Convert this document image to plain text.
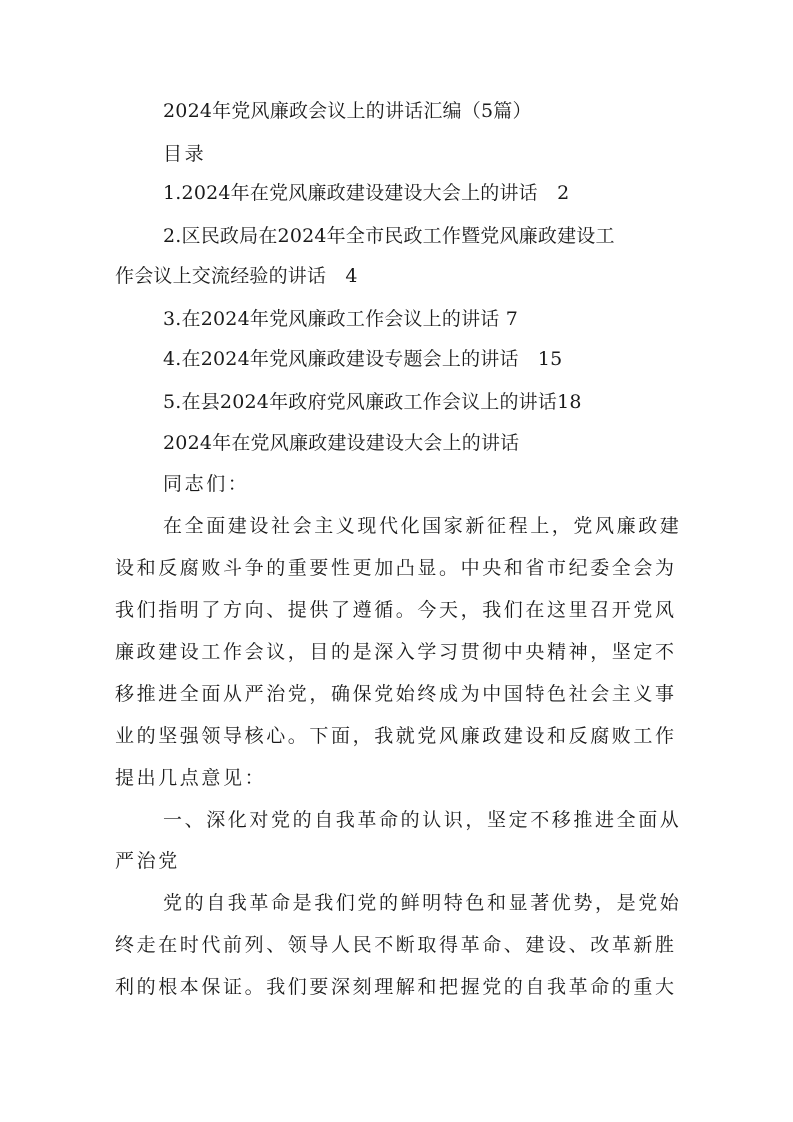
2024年党风廉政会议上的讲话汇编（5篇）
目录
1.2024年在党风廉政建设建设大会上的讲话　2
2.区民政局在2024年全市民政工作暨党风廉政建设工
作会议上交流经验的讲话　4
3.在2024年党风廉政工作会议上的讲话 7
4.在2024年党风廉政建设专题会上的讲话　15
5.在县2024年政府党风廉政工作会议上的讲话18
2024年在党风廉政建设建设大会上的讲话
同志们：
在全面建设社会主义现代化国家新征程上，党风廉政建
设和反腐败斗争的重要性更加凸显。中央和省市纪委全会为
我们指明了方向、提供了遵循。今天，我们在这里召开党风
廉政建设工作会议，目的是深入学习贯彻中央精神，坚定不
移推进全面从严治党，确保党始终成为中国特色社会主义事
业的坚强领导核心。下面，我就党风廉政建设和反腐败工作
提出几点意见：
一、深化对党的自我革命的认识，坚定不移推进全面从
严治党
党的自我革命是我们党的鲜明特色和显著优势，是党始
终走在时代前列、领导人民不断取得革命、建设、改革新胜
利的根本保证。我们要深刻理解和把握党的自我革命的重大
